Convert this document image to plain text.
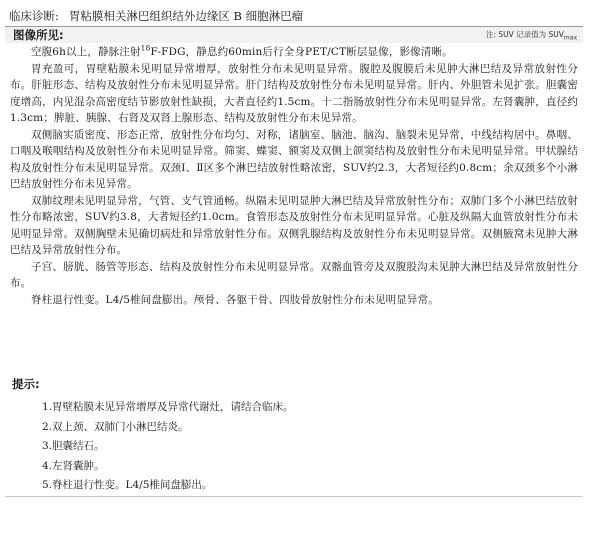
临床诊断: 胃粘膜相关淋巴组织结外边缘区 B 细胞淋巴瘤
图像所见:	注: SUV 记录值为 $SUV_{max}$

空腹6h以上，静脉注射$^{18}$F-FDG，静息约60min后行全身PET/CT断层显像，影像清晰。

胃充盈可，胃壁粘膜未见明显异常增厚，放射性分布未见明显异常。腹腔及腹膜后未见肿大淋巴结及异常放射性分布。肝脏形态、结构及放射性分布未见明显异常。肝门结构及放射性分布未见明显异常。肝内、外胆管未见扩张。胆囊密度增高，内见混杂高密度结节影放射性缺损，大者直径约1.5cm。十二指肠放射性分布未见明显异常。左肾囊肿，直径约1.3cm；脾脏、胰腺、右肾及双肾上腺形态、结构及放射性分布未见异常。

双侧脑实质密度、形态正常，放射性分布均匀、对称，诸脑室、脑池、脑沟、脑裂未见异常，中线结构居中。鼻咽、口咽及喉咽结构及放射性分布未见明显异常。筛窦、蝶窦、额窦及双侧上颌窦结构及放射性分布未见明显异常。甲状腺结构及放射性分布未见明显异常。双颈Ⅰ、Ⅱ区多个淋巴结放射性略浓密，SUV约2.3，大者短径约0.8cm；余双颈多个小淋巴结放射性分布未见异常。

双肺纹理未见明显异常，气管、支气管通畅。纵隔未见明显肿大淋巴结及异常放射性分布；双肺门多个小淋巴结放射性分布略浓密，SUV约3.8，大者短径约1.0cm。食管形态及放射性分布未见明显异常。心脏及纵隔大血管放射性分布未见明显异常。双侧胸壁未见确切病灶和异常放射性分布。双侧乳腺结构及放射性分布未见明显异常。双侧腋窝未见肿大淋巴结及异常放射性分布。

子宫、膀胱、肠管等形态、结构及放射性分布未见明显异常。双髂血管旁及双腹股沟未见肿大淋巴结及异常放射性分布。

脊柱退行性变。L4/5椎间盘膨出。颅骨、各躯干骨、四肢骨放射性分布未见明显异常。

提示:
1.胃壁粘膜未见异常增厚及异常代谢灶，请结合临床。
2.双上颈、双肺门小淋巴结炎。
3.胆囊结石。
4.左肾囊肿。
5.脊柱退行性变。L4/5椎间盘膨出。
